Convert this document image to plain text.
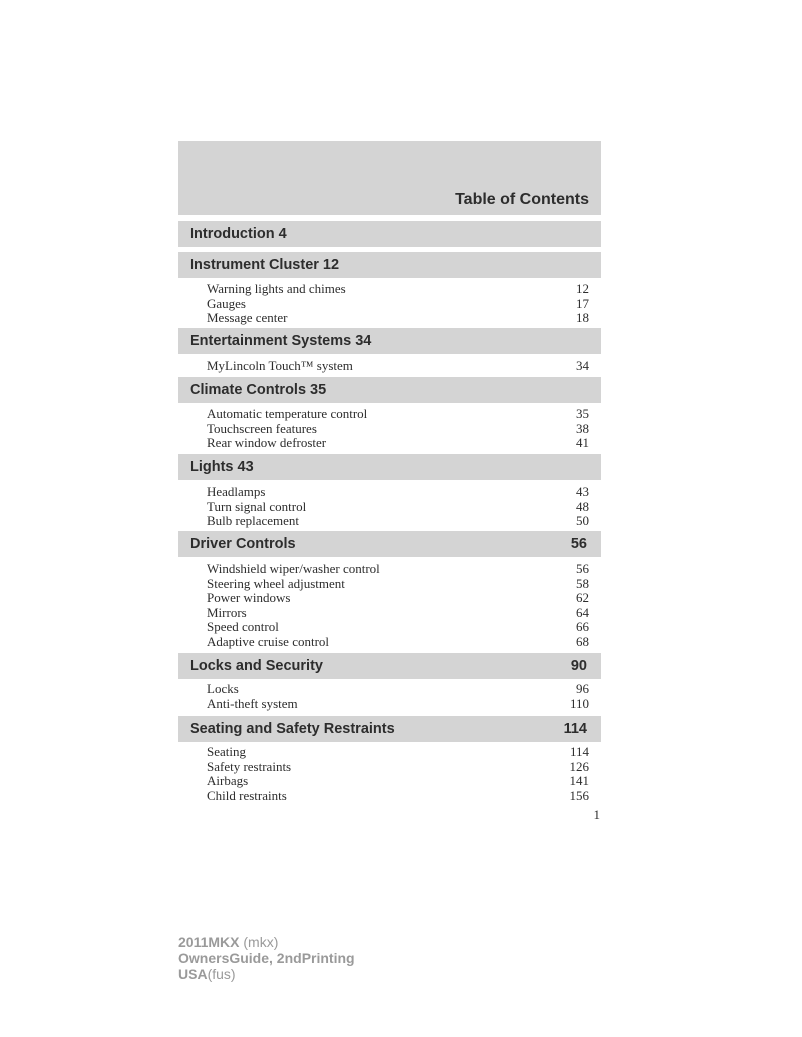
Table of Contents
Introduction 4
Instrument Cluster 12
Warning lights and chimes	12
Gauges	17
Message center	18
Entertainment Systems 34
MyLincoln Touch™ system	34
Climate Controls 35
Automatic temperature control	35
Touchscreen features	38
Rear window defroster	41
Lights 43
Headlamps	43
Turn signal control	48
Bulb replacement	50
Driver Controls	56
Windshield wiper/washer control	56
Steering wheel adjustment	58
Power windows	62
Mirrors	64
Speed control	66
Adaptive cruise control	68
Locks and Security	90
Locks	96
Anti-theft system	110
Seating and Safety Restraints	114
Seating	114
Safety restraints	126
Airbags	141
Child restraints	156
1
2011MKX (mkx)
OwnersGuide, 2ndPrinting
USA(fus)
